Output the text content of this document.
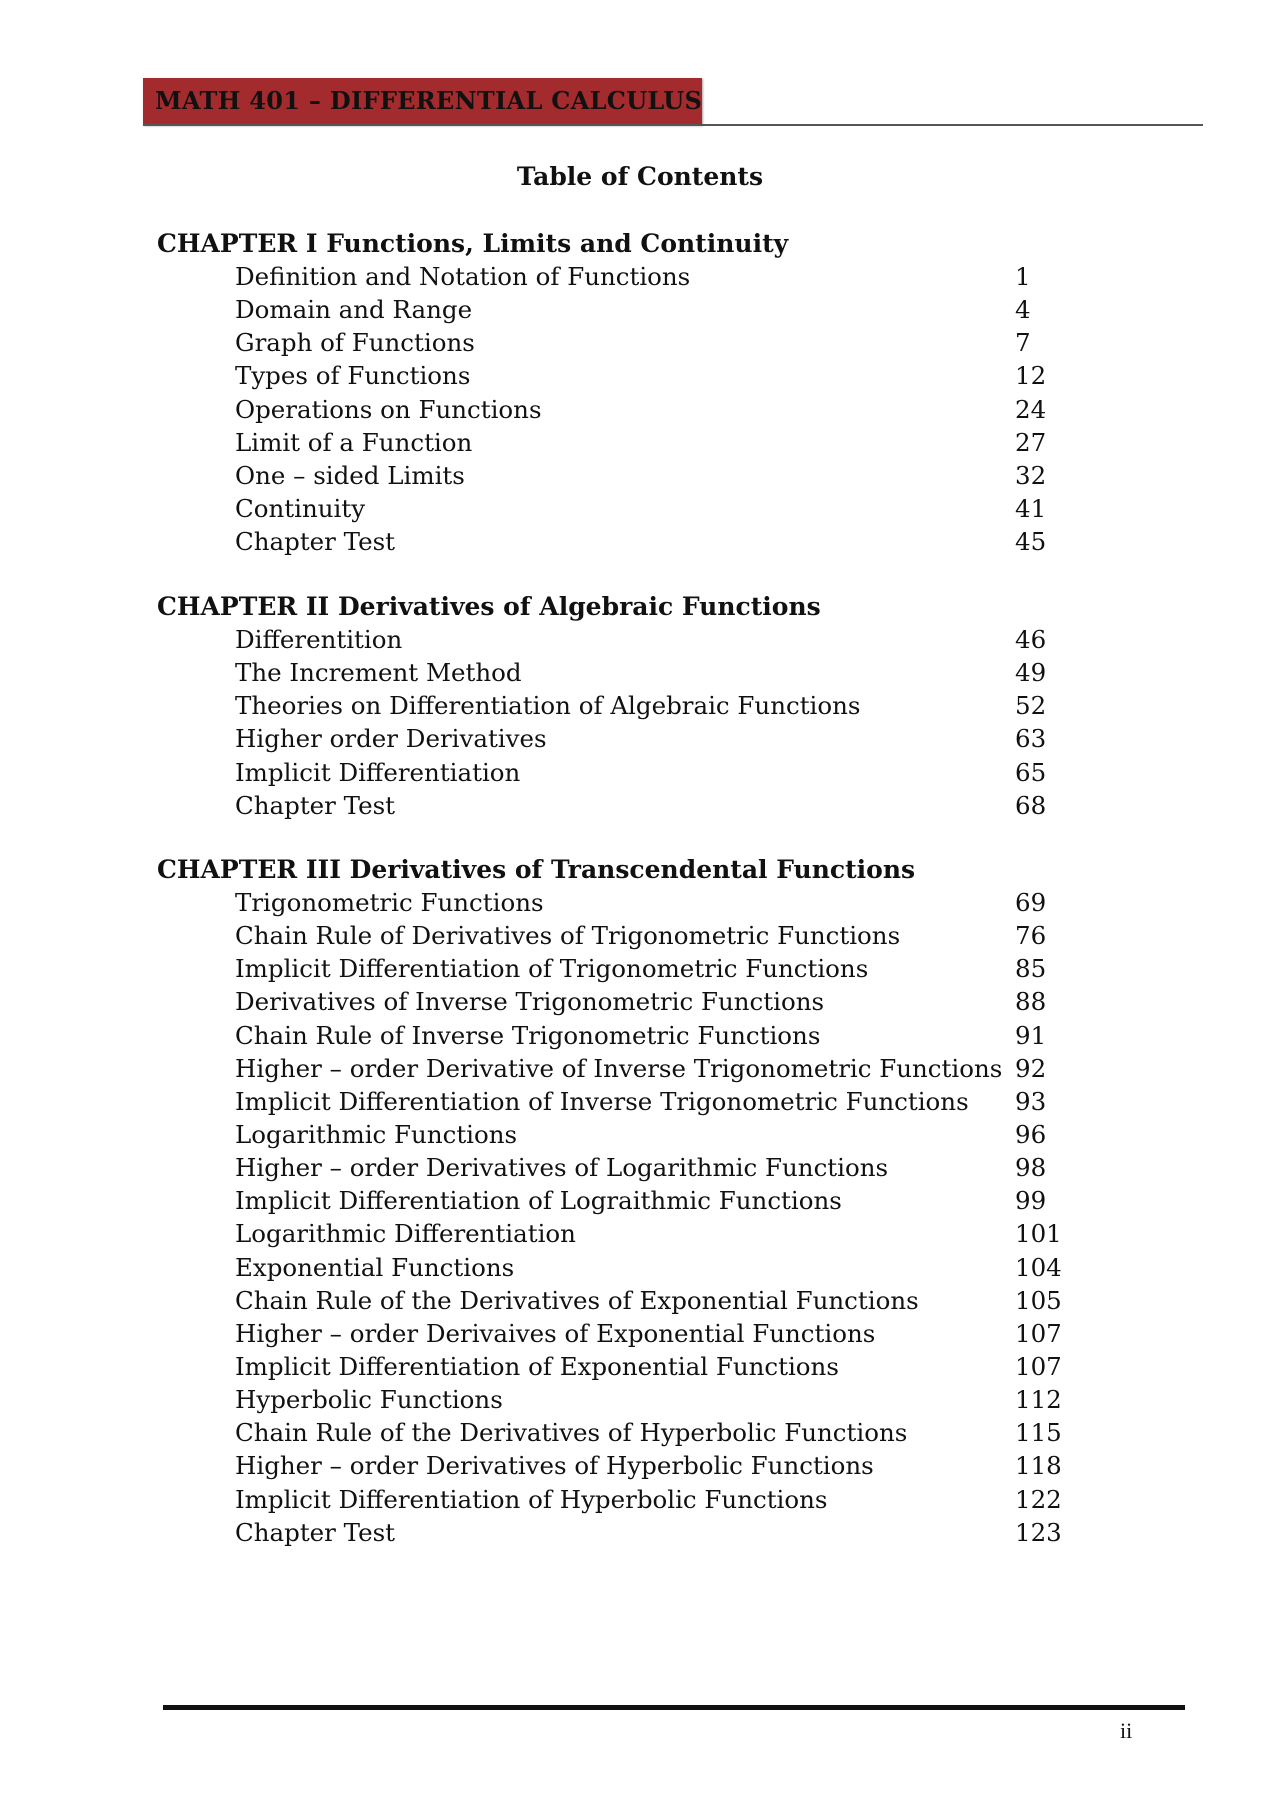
MATH 401 – DIFFERENTIAL CALCULUS
Table of Contents
CHAPTER I Functions, Limits and Continuity
Definition and Notation of Functions	1
Domain and Range	4
Graph of Functions	7
Types of Functions	12
Operations on Functions	24
Limit of a Function	27
One – sided Limits	32
Continuity	41
Chapter Test	45
CHAPTER II Derivatives of Algebraic Functions
Differentition	46
The Increment Method	49
Theories on Differentiation of Algebraic Functions	52
Higher order Derivatives	63
Implicit Differentiation	65
Chapter Test	68
CHAPTER III Derivatives of Transcendental Functions
Trigonometric Functions	69
Chain Rule of Derivatives of Trigonometric Functions	76
Implicit Differentiation of Trigonometric Functions	85
Derivatives of Inverse Trigonometric Functions	88
Chain Rule of Inverse Trigonometric Functions	91
Higher – order Derivative of Inverse Trigonometric Functions 92
Implicit Differentiation of Inverse Trigonometric Functions 93
Logarithmic Functions	96
Higher – order Derivatives of Logarithmic Functions	98
Implicit Differentiation of Lograithmic Functions	99
Logarithmic Differentiation	101
Exponential Functions	104
Chain Rule of the Derivatives of Exponential Functions	105
Higher – order Derivaives of Exponential Functions	107
Implicit Differentiation of Exponential Functions	107
Hyperbolic Functions	112
Chain Rule of the Derivatives of Hyperbolic Functions	115
Higher – order Derivatives of Hyperbolic Functions	118
Implicit Differentiation of Hyperbolic Functions	122
Chapter Test	123
ii
